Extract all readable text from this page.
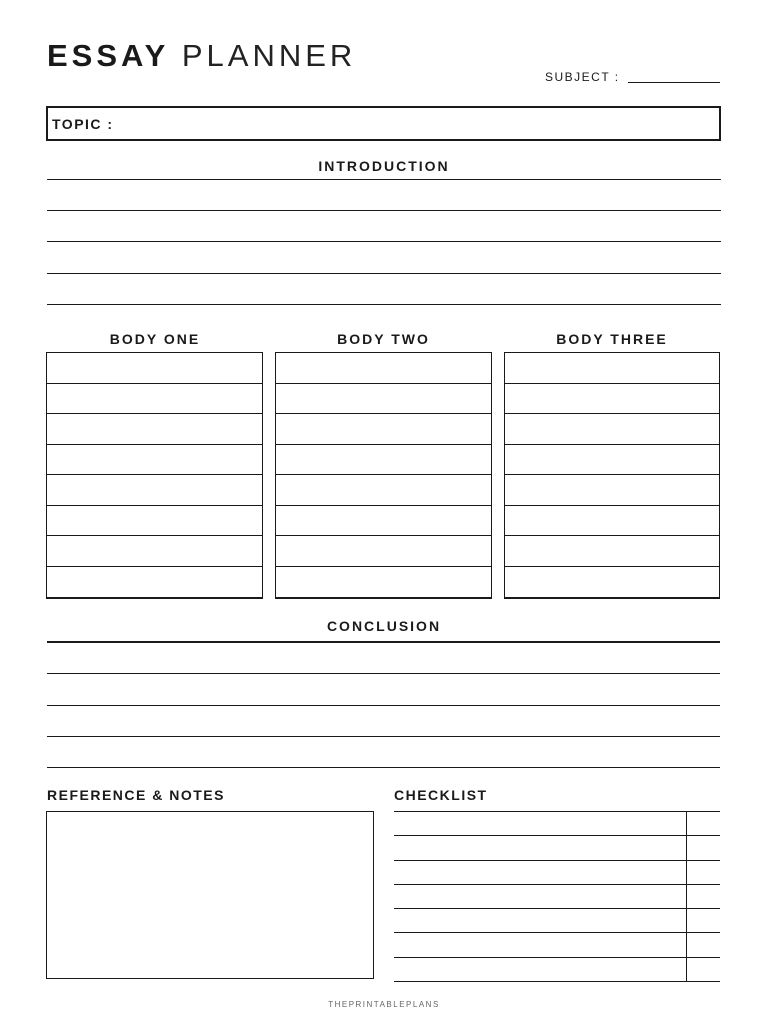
ESSAY PLANNER
SUBJECT :
TOPIC :
INTRODUCTION
BODY ONE	BODY TWO	BODY THREE
CONCLUSION
REFERENCE & NOTES	CHECKLIST
THEPRINTABLEPLANS
